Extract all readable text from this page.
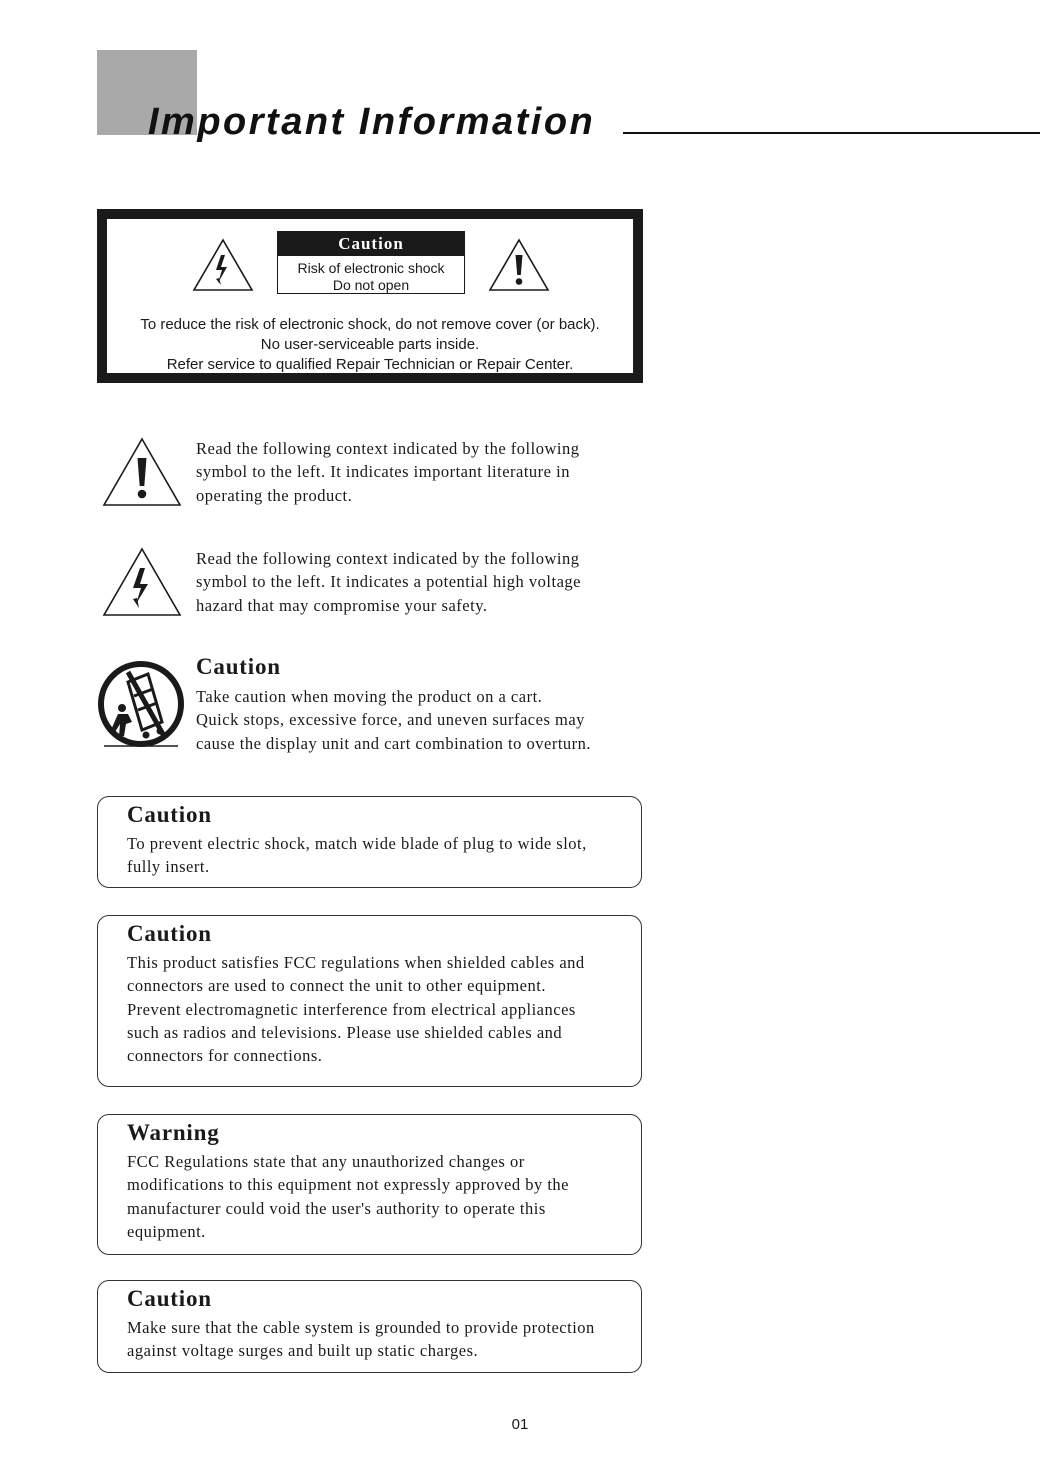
Important Information
Caution
Risk of electronic shock
Do not open
To reduce the risk of electronic shock, do not remove cover (or back).
No user-serviceable parts inside.
Refer service to qualified Repair Technician or Repair Center.

Read the following context indicated by the following
symbol to the left. It indicates important literature in
operating the product.

Read the following context indicated by the following
symbol to the left. It indicates a potential high voltage
hazard that may compromise your safety.

Caution

Take caution when moving the product on a cart.
Quick stops, excessive force, and uneven surfaces may
cause the display unit and cart combination to overturn.

Caution

To prevent electric shock, match wide blade of plug to wide slot,
fully insert.

Caution

This product satisfies FCC regulations when shielded cables and
connectors are used to connect the unit to other equipment.
Prevent electromagnetic interference from electrical appliances
such as radios and televisions. Please use shielded cables and
connectors for connections.

Warning

FCC Regulations state that any unauthorized changes or
modifications to this equipment not expressly approved by the
manufacturer could void the user's authority to operate this
equipment.

Caution

Make sure that the cable system is grounded to provide protection
against voltage surges and built up static charges.

01
